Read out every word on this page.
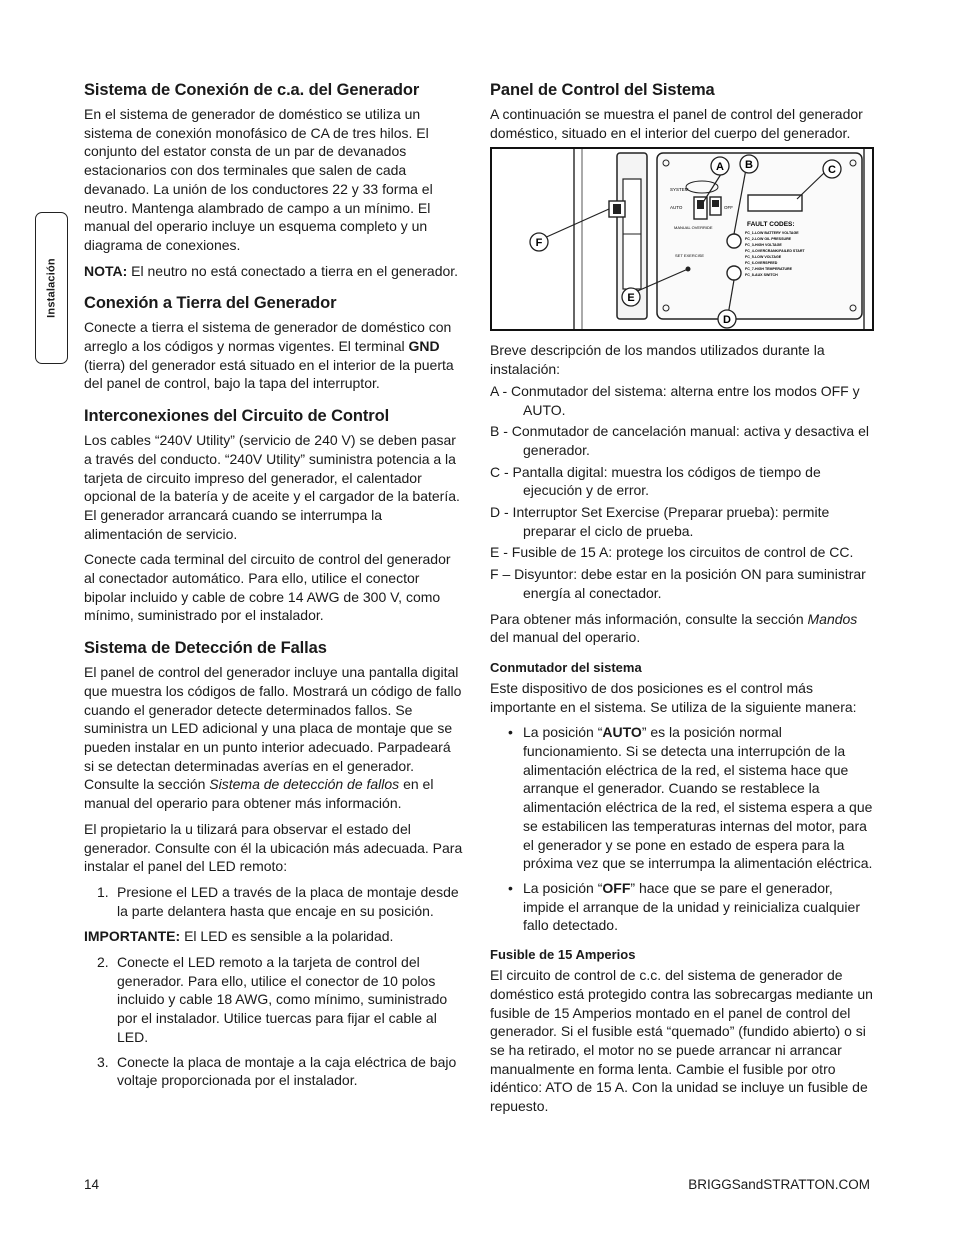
Instalación
Sistema de Conexión de c.a. del Generador

En el sistema de generador de doméstico se utiliza un sistema de conexión monofásico de CA de tres hilos. El conjunto del estator consta de un par de devanados estacionarios con dos terminales que salen de cada devanado. La unión de los conductores 22 y 33 forma el neutro. Mantenga alambrado de campo a un mínimo. El manual del operario incluye un esquema completo y un diagrama de conexiones.

NOTA: El neutro no está conectado a tierra en el generador.

Conexión a Tierra del Generador

Conecte a tierra el sistema de generador de doméstico con arreglo a los códigos y normas vigentes. El terminal GND (tierra) del generador está situado en el interior de la puerta del panel de control, bajo la tapa del interruptor.

Interconexiones del Circuito de Control

Los cables “240V Utility” (servicio de 240 V) se deben pasar a través del conducto. “240V Utility” suministra potencia a la tarjeta de circuito impreso del generador, el calentador opcional de la batería y de aceite y el cargador de la batería. El generador arrancará cuando se interrumpa la alimentación de servicio.

Conecte cada terminal del circuito de control del generador al conectador automático. Para ello, utilice el conector bipolar incluido y cable de cobre 14 AWG de 300 V, como mínimo, suministrado por el instalador.

Sistema de Detección de Fallas

El panel de control del generador incluye una pantalla digital que muestra los códigos de fallo. Mostrará un código de fallo cuando el generador detecte determinados fallos. Se suministra un LED adicional y una placa de montaje que se pueden instalar en un punto interior adecuado. Parpadeará si se detectan determinadas averías en el generador. Consulte la sección Sistema de detección de fallos en el manual del operario para obtener más información.

El propietario la u tilizará para observar el estado del generador. Consulte con él la ubicación más adecuada. Para instalar el panel del LED remoto:

1. Presione el LED a través de la placa de montaje desde la parte delantera hasta que encaje en su posición.

IMPORTANTE: El LED es sensible a la polaridad.

2. Conecte el LED remoto a la tarjeta de control del generador. Para ello, utilice el conector de 10 polos incluido y cable 18 AWG, como mínimo, suministrado por el instalador. Utilice tuercas para fijar el cable al LED.
3. Conecte la placa de montaje a la caja eléctrica de bajo voltaje proporcionada por el instalador.
Panel de Control del Sistema

A continuación se muestra el panel de control del generador doméstico, situado en el interior del cuerpo del generador.

SYSTEM
AUTO	OFF
MANUAL OVERRIDE
SET EXERCISE
FAULT CODES:
FC_1-LOW BATTERY VOLTAGE
FC_2-LOW OIL PRESSURE
FC_3-HIGH VOLTAGE
FC_4-OVERCRANK/FAILED START
FC_5-LOW VOLTAGE
FC_6-OVERSPEED
FC_7-HIGH TEMPERATURE
FC_8-AUX SWITCH
A B	C
D
E
F

Breve descripción de los mandos utilizados durante la instalación:

A - Conmutador del sistema: alterna entre los modos OFF y AUTO.
B - Conmutador de cancelación manual: activa y desactiva el generador.
C - Pantalla digital: muestra los códigos de tiempo de ejecución y de error.
D - Interruptor Set Exercise (Preparar prueba): permite preparar el ciclo de prueba.
E - Fusible de 15 A: protege los circuitos de control de CC.
F – Disyuntor: debe estar en la posición ON para suministrar energía al conectador.

Para obtener más información, consulte la sección Mandos del manual del operario.

Conmutador del sistema

Este dispositivo de dos posiciones es el control más importante en el sistema. Se utiliza de la siguiente manera:

• La posición “AUTO” es la posición normal funcionamiento. Si se detecta una interrupción de la alimentación eléctrica de la red, el sistema hace que arranque el generador. Cuando se restablece la alimentación eléctrica de la red, el sistema espera a que se estabilicen las temperaturas internas del motor, para el generador y se pone en estado de espera para la próxima vez que se interrumpa la alimentación eléctrica.
• La posición “OFF” hace que se pare el generador, impide el arranque de la unidad y reinicializa cualquier fallo detectado.
Fusible de 15 Amperios

El circuito de control de c.c. del sistema de generador de doméstico está protegido contra las sobrecargas mediante un fusible de 15 Amperios montado en el panel de control del generador. Si el fusible está “quemado” (fundido abierto) o si se ha retirado, el motor no se puede arrancar ni arrancar manualmente en forma lenta. Cambie el fusible por otro idéntico: ATO de 15 A. Con la unidad se incluye un fusible de repuesto.

14	BRIGGSandSTRATTON.COM
